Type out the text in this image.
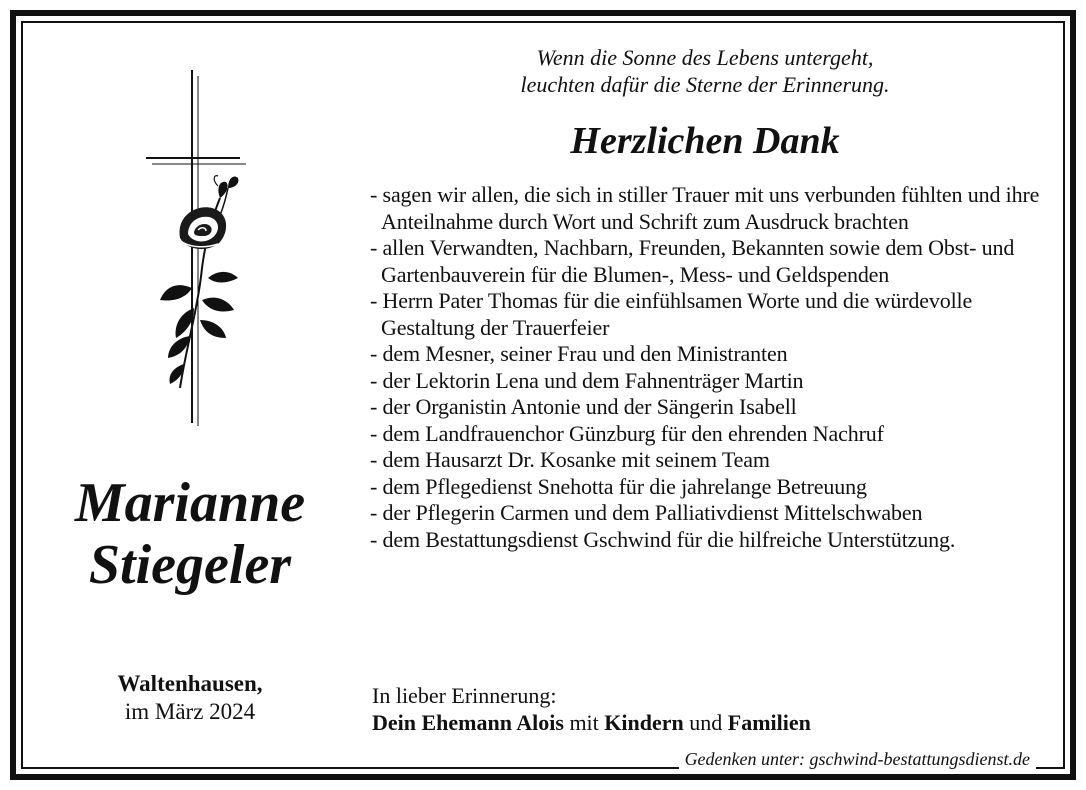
Wenn die Sonne des Lebens untergeht,
leuchten dafür die Sterne der Erinnerung.
Herzlichen Dank
- sagen wir allen, die sich in stiller Trauer mit uns verbunden fühlten und ihre Anteilnahme durch Wort und Schrift zum Ausdruck brachten
- allen Verwandten, Nachbarn, Freunden, Bekannten sowie dem Obst- und Gartenbauverein für die Blumen-, Mess- und Geldspenden
- Herrn Pater Thomas für die einfühlsamen Worte und die würdevolle Gestaltung der Trauerfeier
- dem Mesner, seiner Frau und den Ministranten
- der Lektorin Lena und dem Fahnenträger Martin
- der Organistin Antonie und der Sängerin Isabell
- dem Landfrauenchor Günzburg für den ehrenden Nachruf
- dem Hausarzt Dr. Kosanke mit seinem Team
- dem Pflegedienst Snehotta für die jahrelange Betreuung
- der Pflegerin Carmen und dem Palliativdienst Mittelschwaben
- dem Bestattungsdienst Gschwind für die hilfreiche Unterstützung.
Marianne
Stiegeler
Waltenhausen,
im März 2024
In lieber Erinnerung:
Dein Ehemann Alois mit Kindern und Familien
Gedenken unter: gschwind-bestattungsdienst.de
